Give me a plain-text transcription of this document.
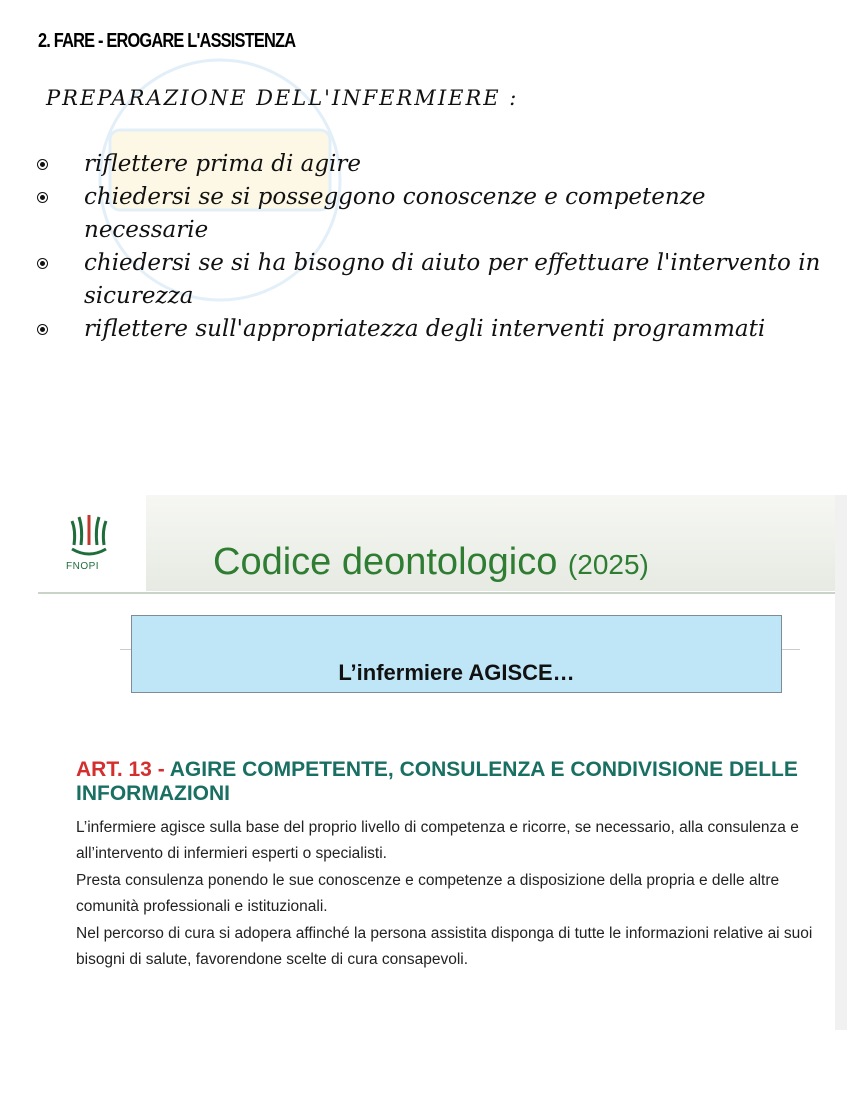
2. FARE - EROGARE L'ASSISTENZA
PREPARAZIONE DELL'INFERMIERE :
riflettere prima di agire
chiedersi se si posseggono conoscenze e competenze necessarie
chiedersi se si ha bisogno di aiuto per effettuare l'intervento in sicurezza
riflettere sull'appropriatezza degli interventi programmati
FNOPI	Codice deontologico (2025)
L’infermiere AGISCE…
ART. 13 - AGIRE COMPETENTE, CONSULENZA E CONDIVISIONE DELLE INFORMAZIONI

L’infermiere agisce sulla base del proprio livello di competenza e ricorre, se necessario, alla consulenza e all’intervento di infermieri esperti o specialisti.

Presta consulenza ponendo le sue conoscenze e competenze a disposizione della propria e delle altre comunità professionali e istituzionali.

Nel percorso di cura si adopera affinché la persona assistita disponga di tutte le informazioni relative ai suoi bisogni di salute, favorendone scelte di cura consapevoli.
